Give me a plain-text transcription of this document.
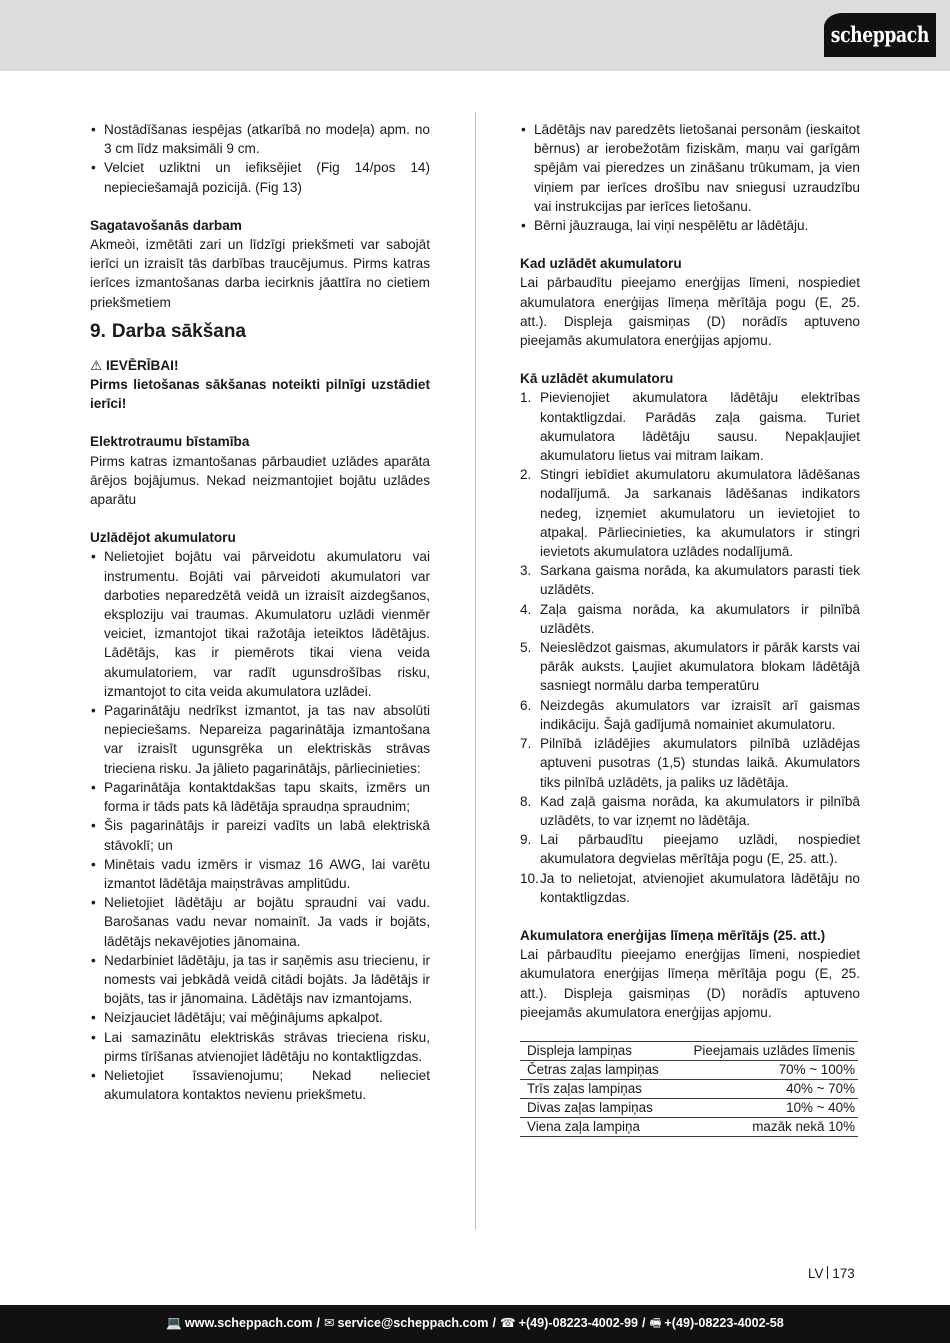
scheppach
• Nostādīšanas iespējas (atkarībā no modeļa) apm. no 3 cm līdz maksimāli 9 cm.
• Velciet uzliktni un iefiksējiet (Fig 14/pos 14) nepieciešamajā pozicijā. (Fig 13)
Sagatavošanās darbam

Akmeòi, izmētāti zari un līdzīgi priekšmeti var sabojāt ierīci un izraisīt tās darbības traucējumus. Pirms katras ierīces izmantošanas darba iecirknis jāattīra no cietiem priekšmetiem

9. Darba sākšana
⚠ IEVĒRĪBAI!
Pirms lietošanas sākšanas noteikti pilnīgi uzstādiet ierīci!
Elektrotraumu bīstamība

Pirms katras izmantošanas pārbaudiet uzlādes aparāta ārējos bojājumus. Nekad neizmantojiet bojātu uzlādes aparātu

Uzlādējot akumulatoru
• Nelietojiet bojātu vai pārveidotu akumulatoru vai instrumentu. Bojāti vai pārveidoti akumulatori var darboties neparedzētā veidā un izraisīt aizdegšanos, eksploziju vai traumas. Akumulatoru uzlādi vienmēr veiciet, izmantojot tikai ražotāja ieteiktos lādētājus. Lādētājs, kas ir piemērots tikai viena veida akumulatoriem, var radīt ugunsdrošības risku, izmantojot to cita veida akumulatora uzlādei.
• Pagarinātāju nedrīkst izmantot, ja tas nav absolūti nepieciešams. Nepareiza pagarinātāja izmantošana var izraisīt ugunsgrēka un elektriskās strāvas trieciena risku. Ja jālieto pagarinātājs, pārliecinieties:
• Pagarinātāja kontaktdakšas tapu skaits, izmērs un forma ir tāds pats kā lādētāja spraudņa spraudnim;
• Šis pagarinātājs ir pareizi vadīts un labā elektriskā stāvoklī; un
• Minētais vadu izmērs ir vismaz 16 AWG, lai varētu izmantot lādētāja maiņstrāvas amplitūdu.
• Nelietojiet lādētāju ar bojātu spraudni vai vadu. Barošanas vadu nevar nomainīt. Ja vads ir bojāts, lādētājs nekavējoties jānomaina.
• Nedarbiniet lādētāju, ja tas ir saņēmis asu triecienu, ir nomests vai jebkādā veidā citādi bojāts. Ja lādētājs ir bojāts, tas ir jānomaina. Lādētājs nav izmantojams.
• Neizjauciet lādētāju; vai mēģinājums apkalpot.
• Lai samazinātu elektriskās strāvas trieciena risku, pirms tīrīšanas atvienojiet lādētāju no kontaktligzdas.
• Nelietojiet īssavienojumu; Nekad nelieciet akumulatora kontaktos nevienu priekšmetu.
• Lādētājs nav paredzēts lietošanai personām (ieskaitot bērnus) ar ierobežotām fiziskām, maņu vai garīgām spējām vai pieredzes un zināšanu trūkumam, ja vien viņiem par ierīces drošību nav sniegusi uzraudzību vai instrukcijas par ierīces lietošanu.
• Bērni jāuzrauga, lai viņi nespēlētu ar lādētāju.
Kad uzlādēt akumulatoru

Lai pārbaudītu pieejamo enerģijas līmeni, nospiediet akumulatora enerģijas līmeņa mērītāja pogu (E, 25. att.). Displeja gaismiņas (D) norādīs aptuveno pieejamās akumulatora enerģijas apjomu.

Kā uzlādēt akumulatoru
1. Pievienojiet akumulatora lādētāju elektrības kontaktligzdai. Parādās zaļa gaisma. Turiet akumulatora lādētāju sausu. Nepakļaujiet akumulatoru lietus vai mitram laikam.
2. Stingri iebīdiet akumulatoru akumulatora lādēšanas nodalījumā. Ja sarkanais lādēšanas indikators nedeg, izņemiet akumulatoru un ievietojiet to atpakaļ. Pārliecinieties, ka akumulators ir stingri ievietots akumulatora uzlādes nodalījumā.
3. Sarkana gaisma norāda, ka akumulators parasti tiek uzlādēts.
4. Zaļa gaisma norāda, ka akumulators ir pilnībā uzlādēts.
5. Neieslēdzot gaismas, akumulators ir pārāk karsts vai pārāk auksts. Ļaujiet akumulatora blokam lādētājā sasniegt normālu darba temperatūru
6. Neizdegās akumulators var izraisīt arī gaismas indikāciju. Šajā gadījumā nomainiet akumulatoru.
7. Pilnībā izlādējies akumulators pilnībā uzlādējas aptuveni pusotras (1,5) stundas laikā. Akumulators tiks pilnībā uzlādēts, ja paliks uz lādētāja.
8. Kad zaļā gaisma norāda, ka akumulators ir pilnībā uzlādēts, to var izņemt no lādētāja.
9. Lai pārbaudītu pieejamo uzlādi, nospiediet akumulatora degvielas mērītāja pogu (E, 25. att.).
10. Ja to nelietojat, atvienojiet akumulatora lādētāju no kontaktligzdas.
Akumulatora enerģijas līmeņa mērītājs (25. att.)

Lai pārbaudītu pieejamo enerģijas līmeni, nospiediet akumulatora enerģijas līmeņa mērītāja pogu (E, 25. att.). Displeja gaismiņas (D) norādīs aptuveno pieejamās akumulatora enerģijas apjomu.

Displeja lampiņas	Pieejamais uzlādes līmenis
Četras zaļas lampiņas	70% ~ 100%
Trīs zaļas lampiņas	40% ~ 70%
Divas zaļas lampiņas	10% ~ 40%
Viena zaļa lampiņa	mazāk nekā 10%
LV 173
💻 www.scheppach.com / ✉ service@scheppach.com / ☎ +(49)-08223-4002-99 / 🖷 +(49)-08223-4002-58
